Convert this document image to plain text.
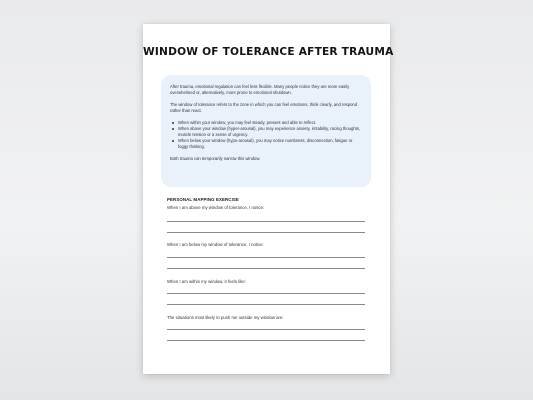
WINDOW OF TOLERANCE AFTER TRAUMA

After trauma, emotional regulation can feel less flexible. Many people notice they are more easily overwhelmed or, alternatively, more prone to emotional shutdown.

The window of tolerance refers to the zone in which you can feel emotions, think clearly, and respond rather than react.

When within your window, you may feel steady, present and able to reflect.
When above your window (hyper-arousal), you may experience anxiety, irritability, racing thoughts, muscle tension or a sense of urgency.
When below your window (hypo-arousal), you may notice numbness, disconnection, fatigue or foggy thinking.

Both trauma can temporarily narrow this window.

PERSONAL MAPPING EXERCISE
When I am above my window of tolerance, I notice:
When I am below my window of tolerance, I notice:
When I am within my window, it feels like:
The situations most likely to push me outside my window are:
